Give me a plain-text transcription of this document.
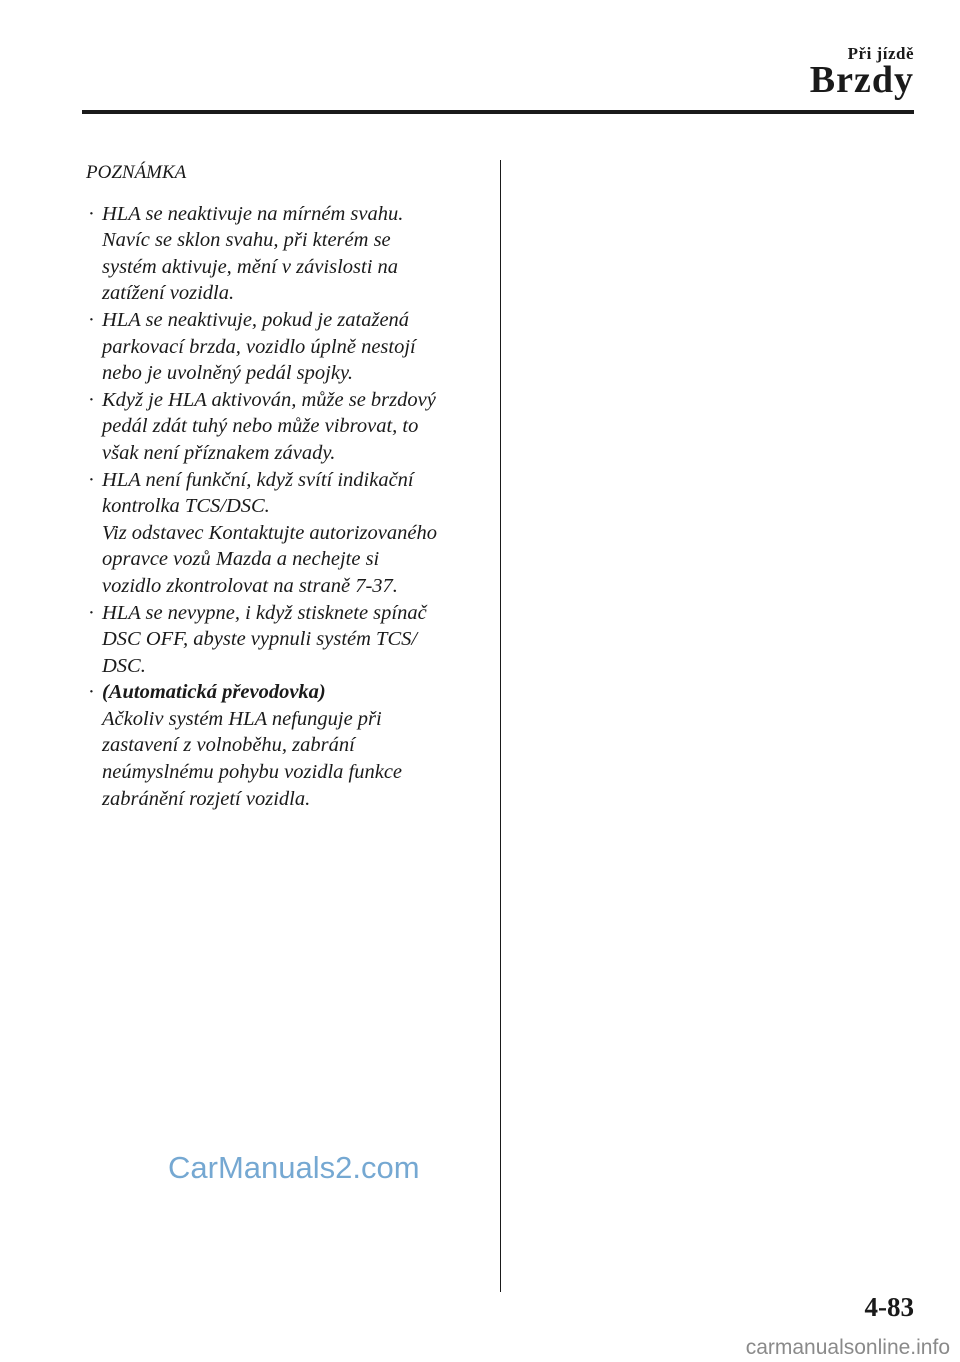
Při jízdě
Brzdy
POZNÁMKA
· HLA se neaktivuje na mírném svahu.
Navíc se sklon svahu, při kterém se
systém aktivuje, mění v závislosti na
zatížení vozidla.
· HLA se neaktivuje, pokud je zatažená
parkovací brzda, vozidlo úplně nestojí
nebo je uvolněný pedál spojky.
· Když je HLA aktivován, může se brzdový
pedál zdát tuhý nebo může vibrovat, to
však není příznakem závady.
· HLA není funkční, když svítí indikační
kontrolka TCS/DSC.
Viz odstavec Kontaktujte autorizovaného
opravce vozů Mazda a nechejte si
vozidlo zkontrolovat na straně 7-37.
· HLA se nevypne, i když stisknete spínač
DSC OFF, abyste vypnuli systém TCS/
DSC.
· (Automatická převodovka)
Ačkoliv systém HLA nefunguje při
zastavení z volnoběhu, zabrání
neúmyslnému pohybu vozidla funkce
zabránění rozjetí vozidla.
CarManuals2.com
4-83
carmanualsonline.info
